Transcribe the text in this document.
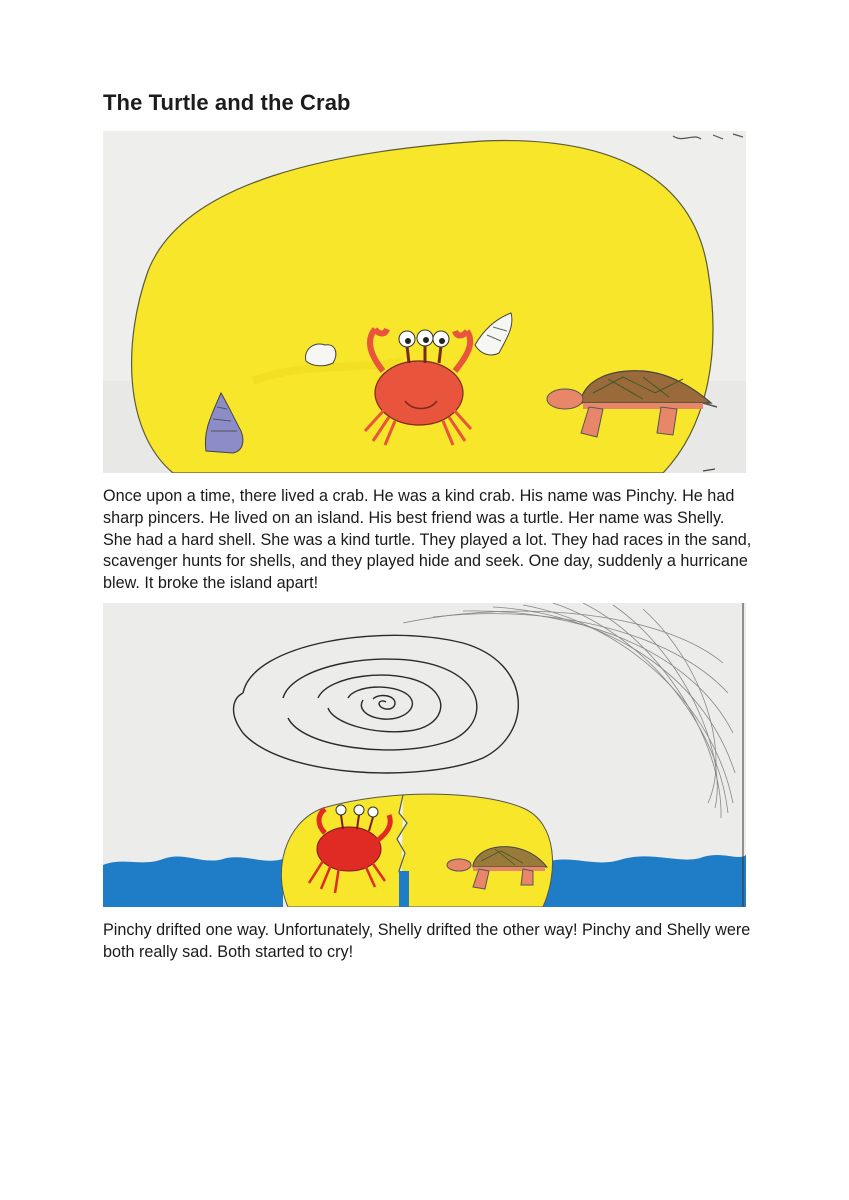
The Turtle and the Crab

Once upon a time, there lived a crab. He was a kind crab. His name was Pinchy. He had sharp pincers. He lived on an island. His best friend was a turtle. Her name was Shelly. She had a hard shell. She was a kind turtle. They played a lot. They had races in the sand, scavenger hunts for shells, and they played hide and seek. One day, suddenly a hurricane blew. It broke the island apart!

Pinchy drifted one way. Unfortunately, Shelly drifted the other way! Pinchy and Shelly were both really sad. Both started to cry!
